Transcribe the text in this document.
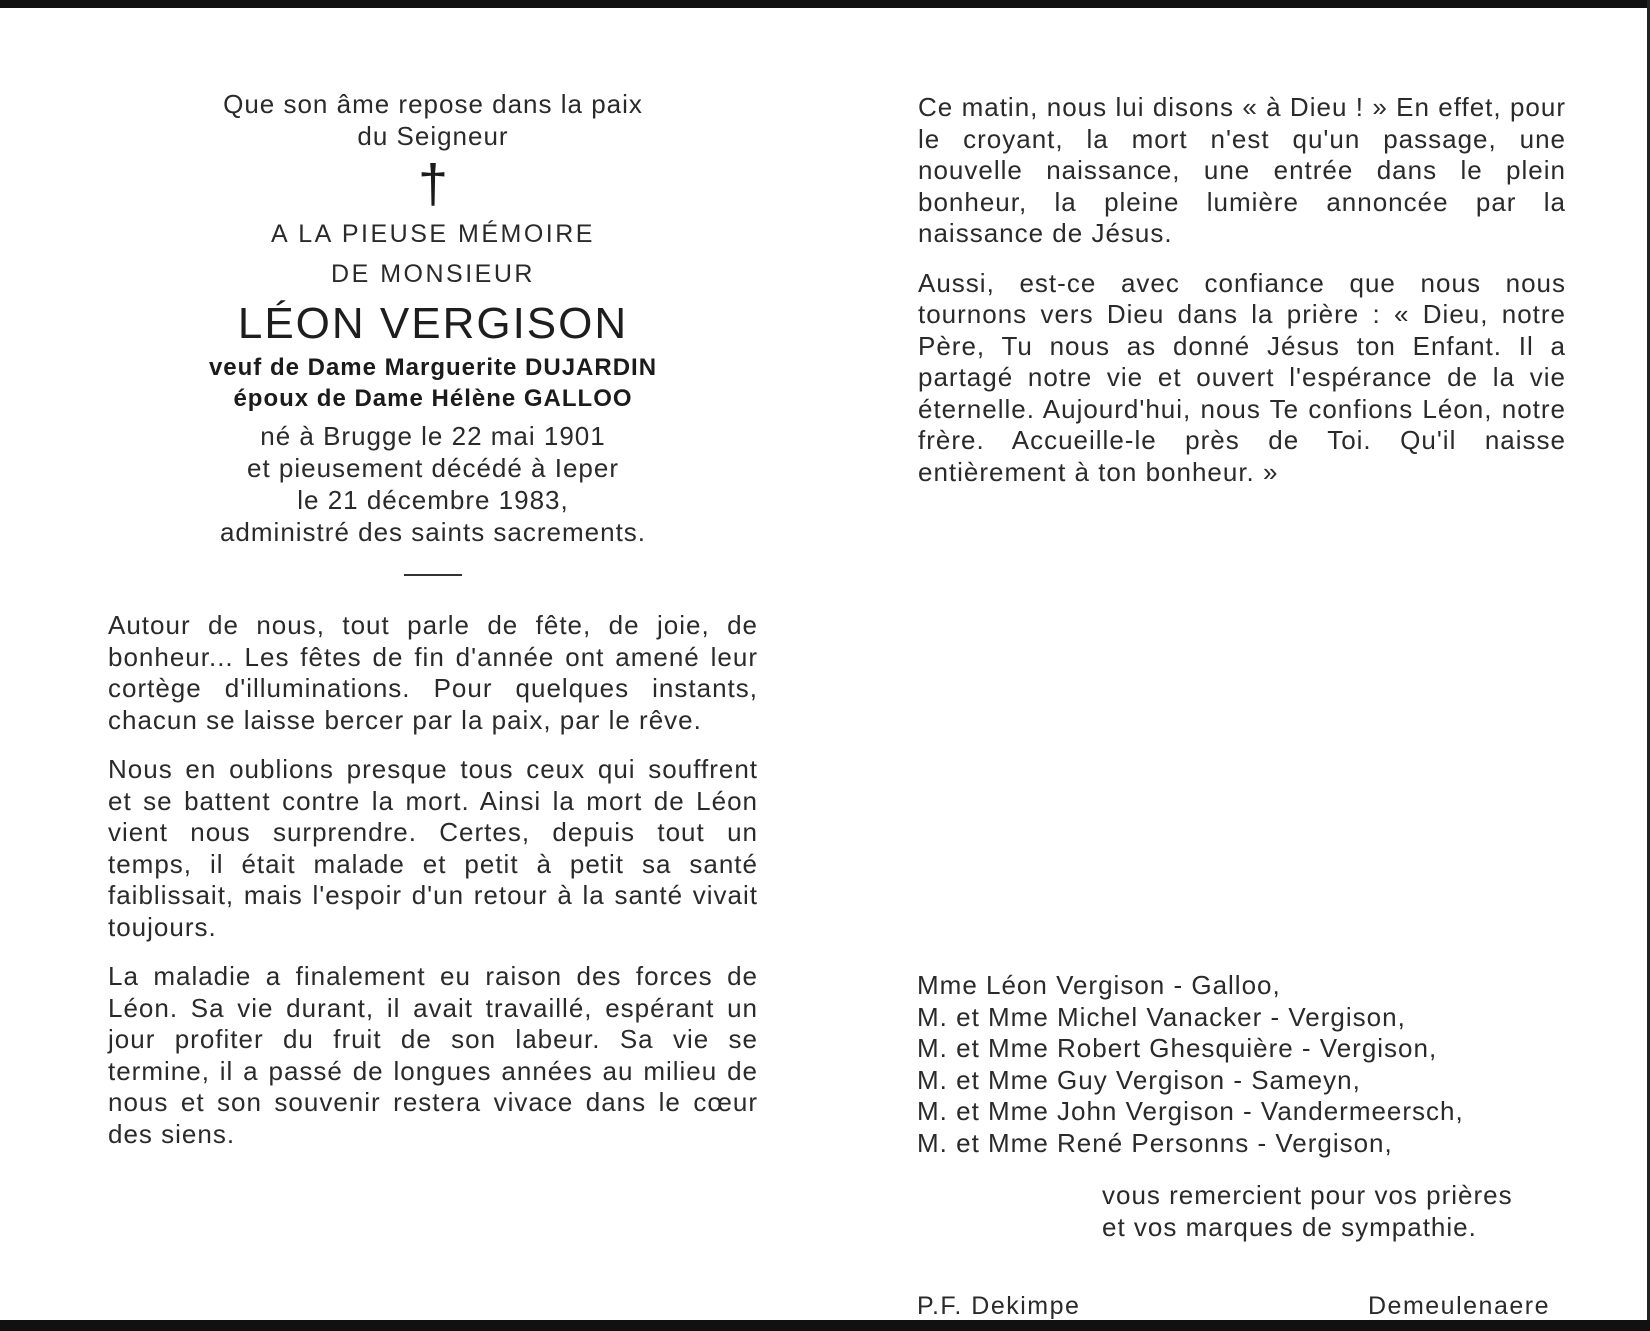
Que son âme repose dans la paix
du Seigneur
†
A LA PIEUSE MÉMOIRE
DE MONSIEUR
LÉON VERGISON
veuf de Dame Marguerite DUJARDIN
époux de Dame Hélène GALLOO
né à Brugge le 22 mai 1901
et pieusement décédé à Ieper
le 21 décembre 1983,
administré des saints sacrements.

Autour de nous, tout parle de fête, de joie, de bonheur... Les fêtes de fin d'année ont amené leur cortège d'illuminations. Pour quelques instants, chacun se laisse bercer par la paix, par le rêve.

Nous en oublions presque tous ceux qui souffrent et se battent contre la mort. Ainsi la mort de Léon vient nous surprendre. Certes, depuis tout un temps, il était malade et petit à petit sa santé faiblissait, mais l'espoir d'un retour à la santé vivait toujours.

La maladie a finalement eu raison des forces de Léon. Sa vie durant, il avait travaillé, espérant un jour profiter du fruit de son labeur. Sa vie se termine, il a passé de longues années au milieu de nous et son souvenir restera vivace dans le cœur des siens.

Ce matin, nous lui disons « à Dieu ! » En effet, pour le croyant, la mort n'est qu'un passage, une nouvelle naissance, une entrée dans le plein bonheur, la pleine lumière annoncée par la naissance de Jésus.

Aussi, est-ce avec confiance que nous nous tournons vers Dieu dans la prière : « Dieu, notre Père, Tu nous as donné Jésus ton Enfant. Il a partagé notre vie et ouvert l'espérance de la vie éternelle. Aujourd'hui, nous Te confions Léon, notre frère. Accueille-le près de Toi. Qu'il naisse entièrement à ton bonheur. »

Mme Léon Vergison - Galloo,
M. et Mme Michel Vanacker - Vergison,
M. et Mme Robert Ghesquière - Vergison,
M. et Mme Guy Vergison - Sameyn,
M. et Mme John Vergison - Vandermeersch,
M. et Mme René Personns - Vergison,
vous remercient pour vos prières
et vos marques de sympathie.
P.F. Dekimpe	Demeulenaere
